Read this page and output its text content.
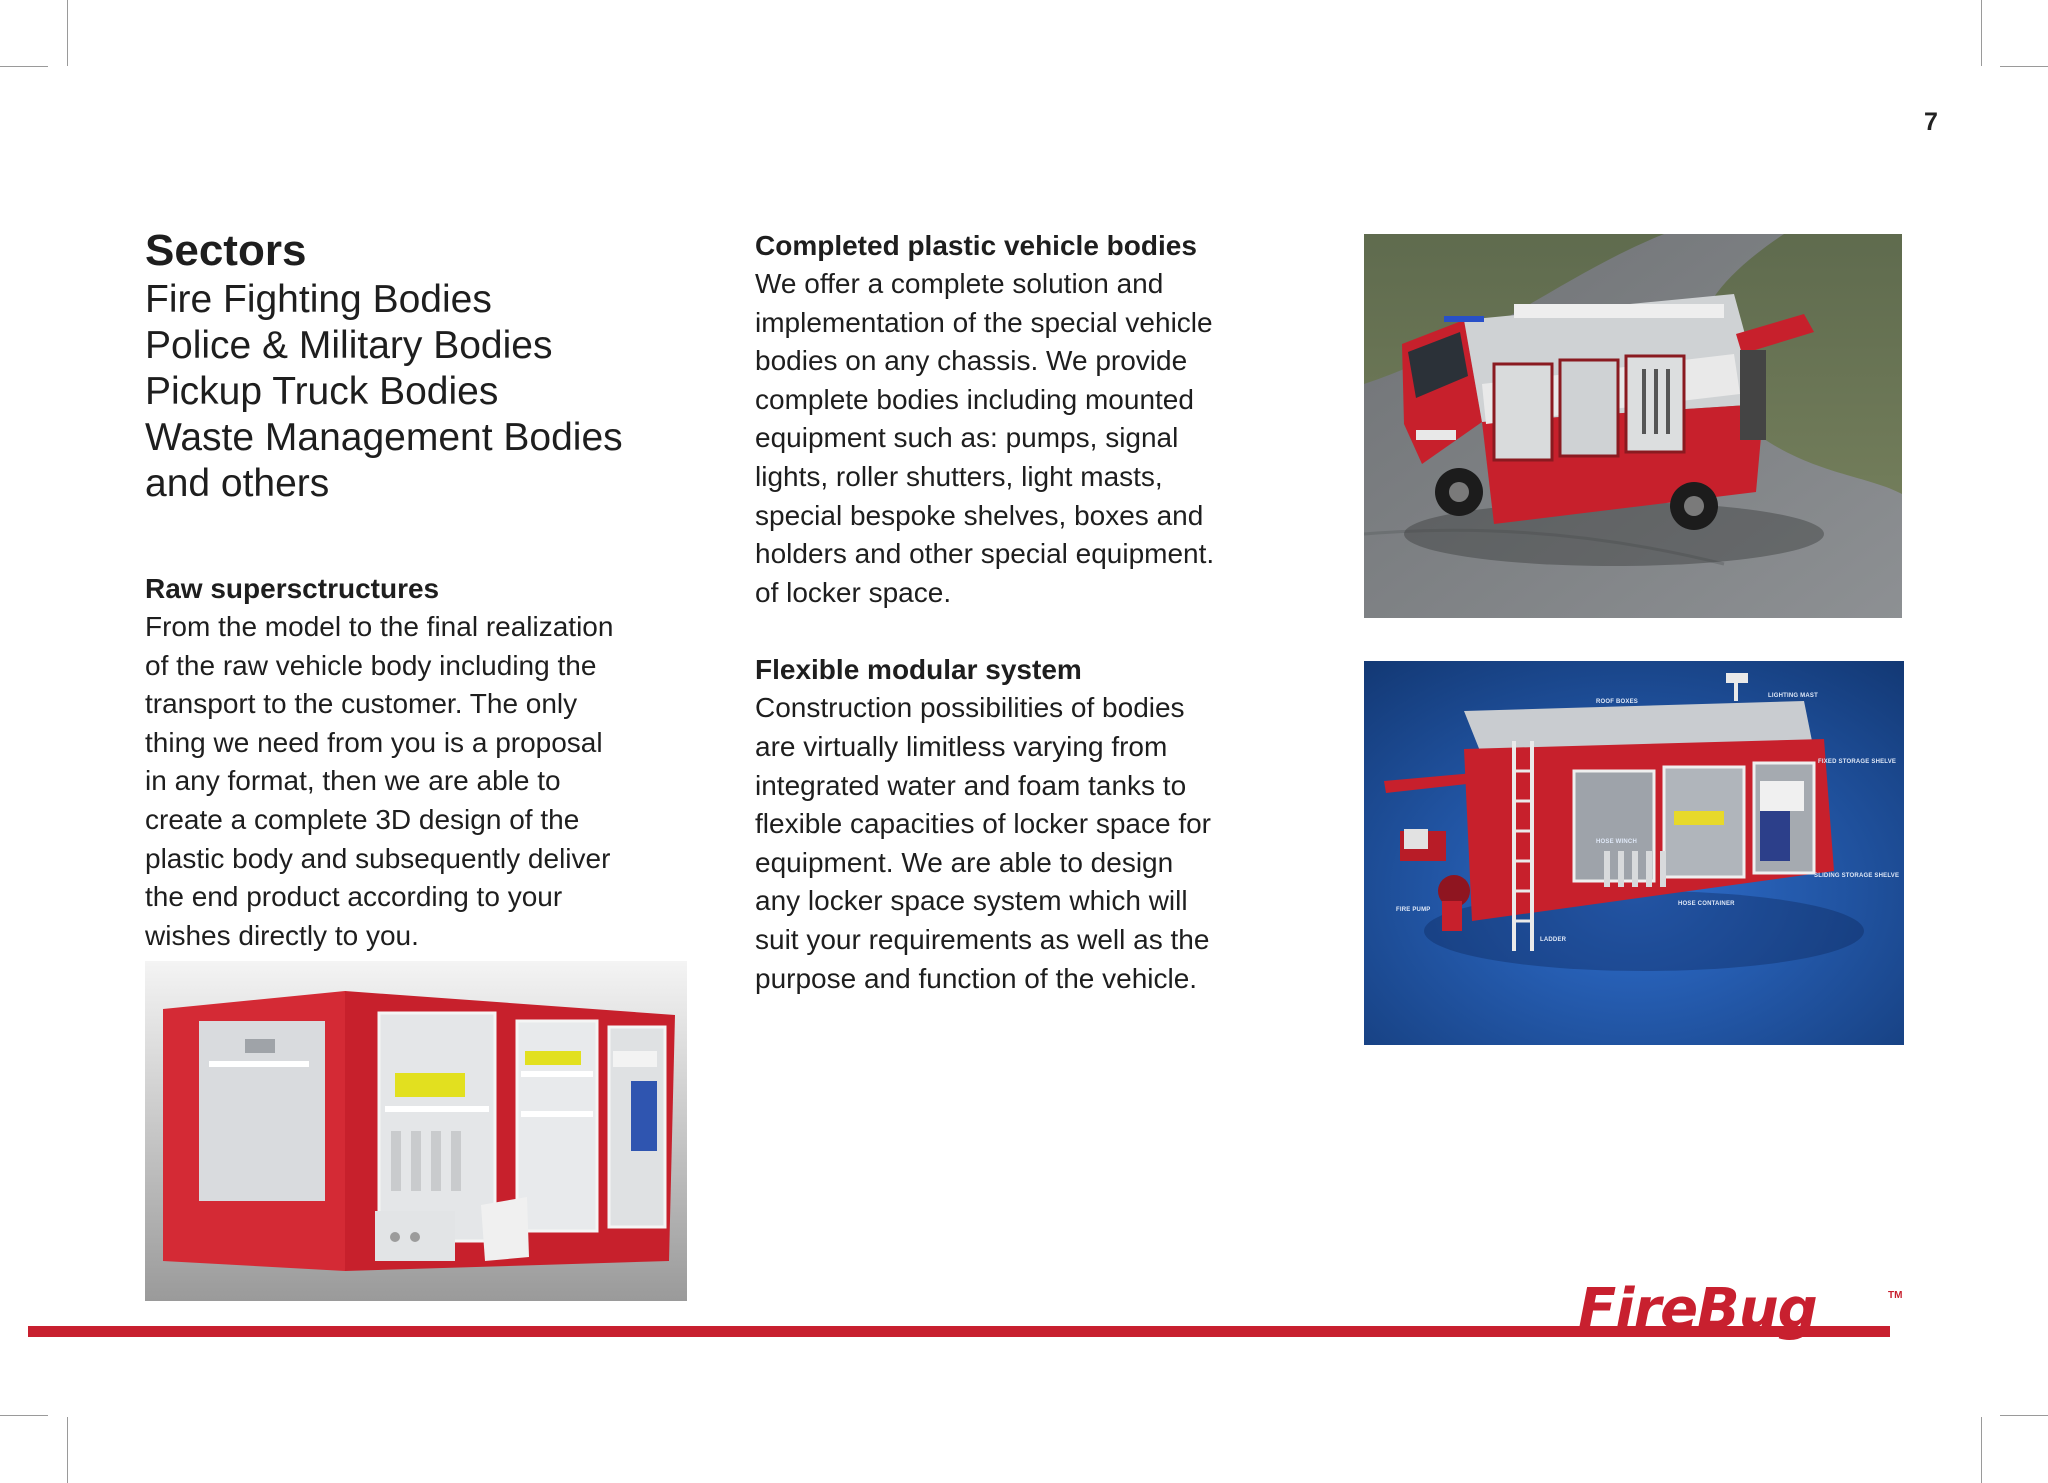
7
Sectors
Fire Fighting Bodies
Police & Military Bodies
Pickup Truck Bodies
Waste Management Bodies
and others
Raw supersctructures
From the model to the final realization
of the raw vehicle body including the
transport to the customer. The only
thing we need from you is a proposal
in any format, then we are able to
create a complete 3D design of the
plastic body and subsequently deliver
the end product according to your
wishes directly to you.
Completed plastic vehicle bodies
We offer a complete solution and
implementation of the special vehicle
bodies on any chassis. We provide
complete bodies including mounted
equipment such as: pumps, signal
lights, roller shutters, light masts,
special bespoke shelves, boxes and
holders and other special equipment.
of locker space.
Flexible modular system
Construction possibilities of bodies
are virtually limitless varying from
integrated water and foam tanks to
flexible capacities of locker space for
equipment. We are able to design
any locker space system which will
suit your requirements as well as the
purpose and function of the vehicle.
ROOF BOXES
LIGHTING MAST
FIXED STORAGE SHELVE
HOSE WINCH
SLIDING STORAGE SHELVE
FIRE PUMP
HOSE CONTAINER
LADDER
FireBug	TM
